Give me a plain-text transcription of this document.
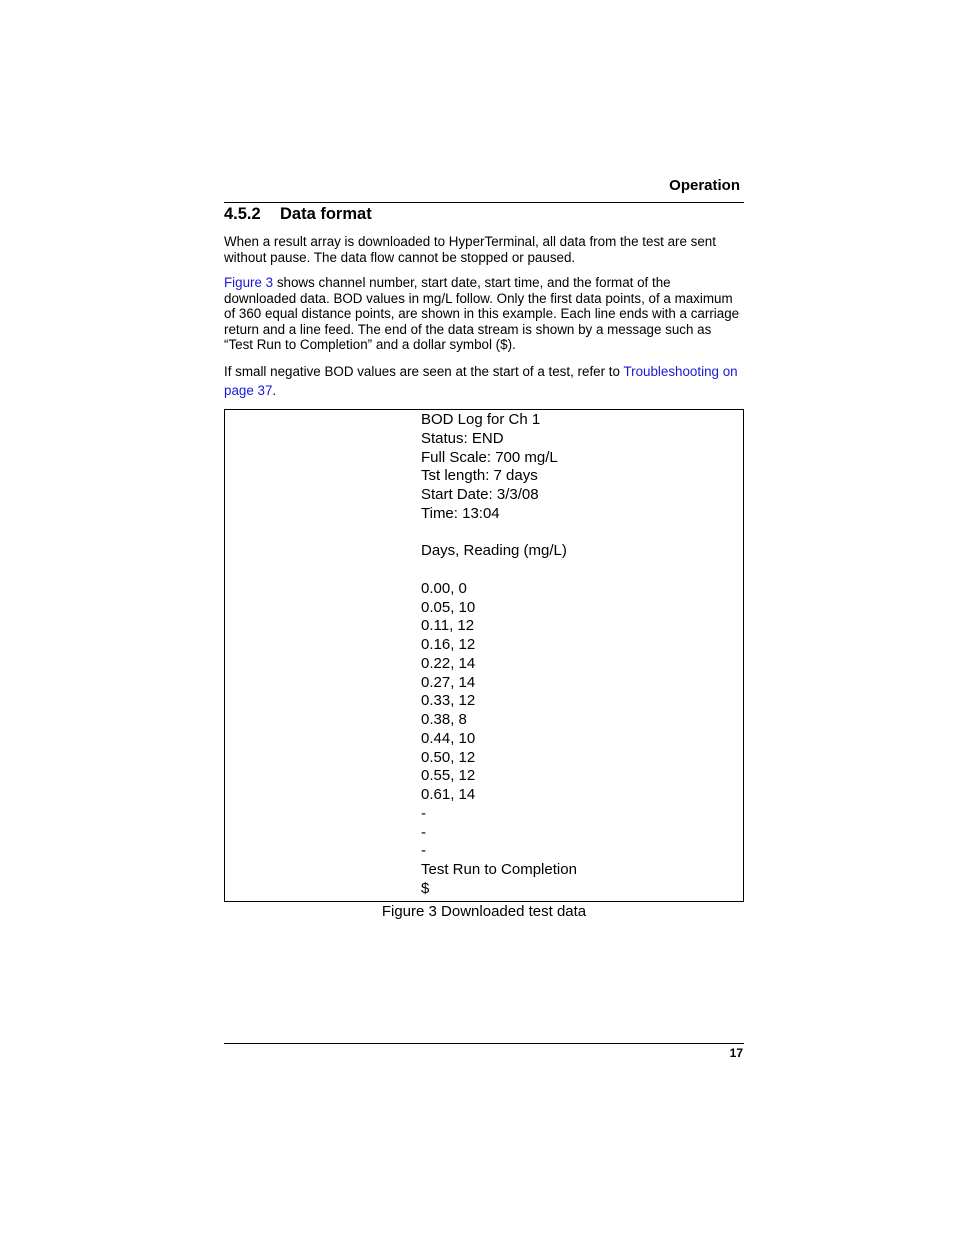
Operation
4.5.2 Data format
When a result array is downloaded to HyperTerminal, all data from the test are sent without pause. The data flow cannot be stopped or paused.
Figure 3 shows channel number, start date, start time, and the format of the downloaded data. BOD values in mg/L follow. Only the first data points, of a maximum of 360 equal distance points, are shown in this example. Each line ends with a carriage return and a line feed. The end of the data stream is shown by a message such as “Test Run to Completion” and a dollar symbol ($).
If small negative BOD values are seen at the start of a test, refer to Troubleshooting on page 37.
BOD Log for Ch 1
Status: END
Full Scale: 700 mg/L
Tst length: 7 days
Start Date: 3/3/08
Time: 13:04
Days, Reading (mg/L)
0.00, 0
0.05, 10
0.11, 12
0.16, 12
0.22, 14
0.27, 14
0.33, 12
0.38, 8
0.44, 10
0.50, 12
0.55, 12
0.61, 14
-
-
-
Test Run to Completion
$
Figure 3 Downloaded test data
17
